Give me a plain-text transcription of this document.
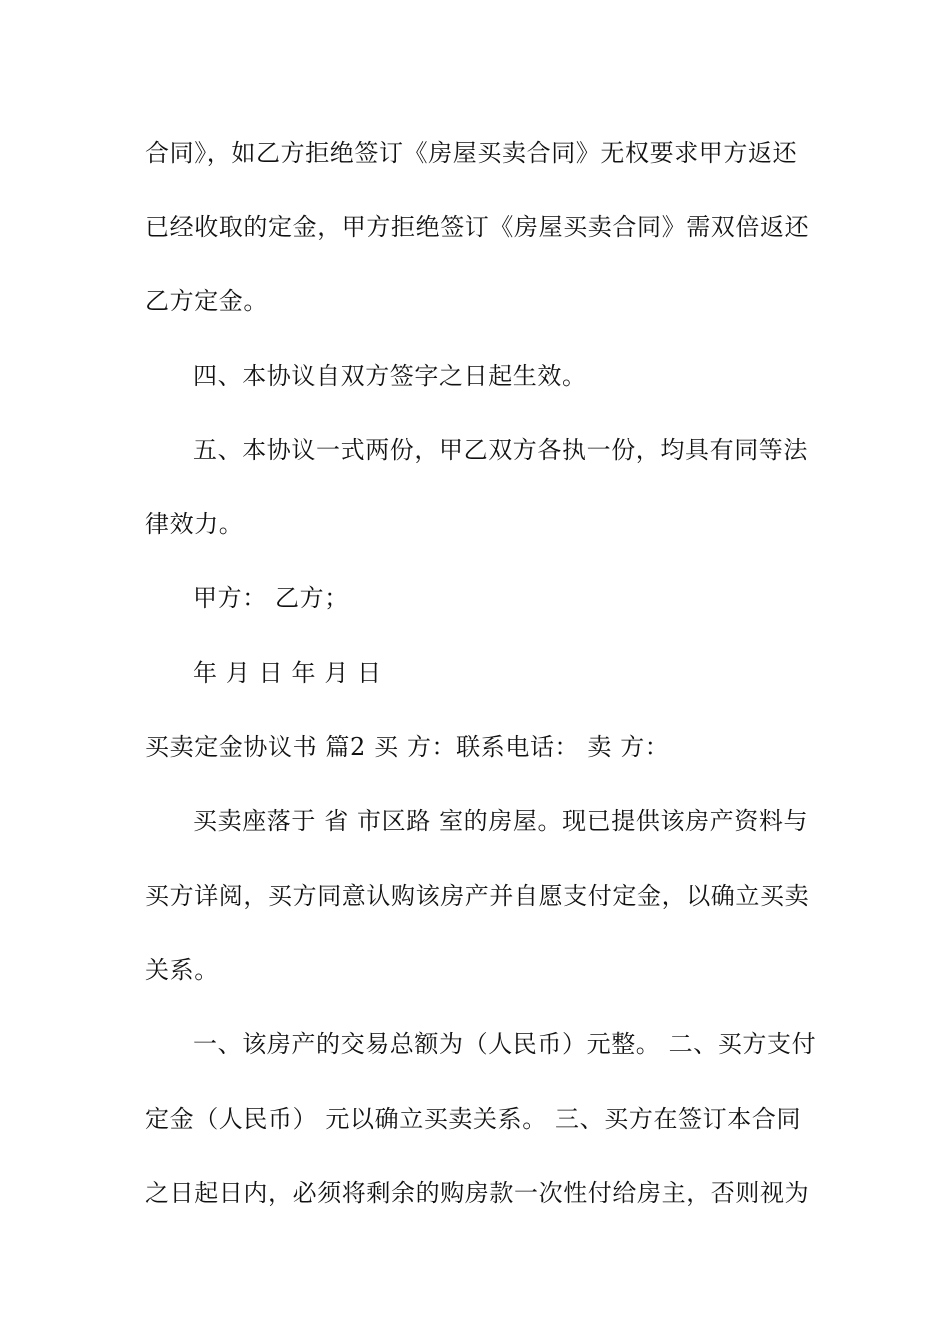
合同》，如乙方拒绝签订《房屋买卖合同》无权要求甲方返还
已经收取的定金，甲方拒绝签订《房屋买卖合同》需双倍返还
乙方定金。
四、本协议自双方签字之日起生效。
五、本协议一式两份，甲乙双方各执一份，均具有同等法
律效力。
甲方： 乙方；
年 月 日 年 月 日
买卖定金协议书 篇2 买 方：联系电话： 卖 方：
买卖座落于 省 市区路 室的房屋。现已提供该房产资料与
买方详阅，买方同意认购该房产并自愿支付定金，以确立买卖
关系。
一、该房产的交易总额为（人民币）元整。 二、买方支付
定金（人民币） 元以确立买卖关系。 三、买方在签订本合同
之日起日内，必须将剩余的购房款一次性付给房主，否则视为
